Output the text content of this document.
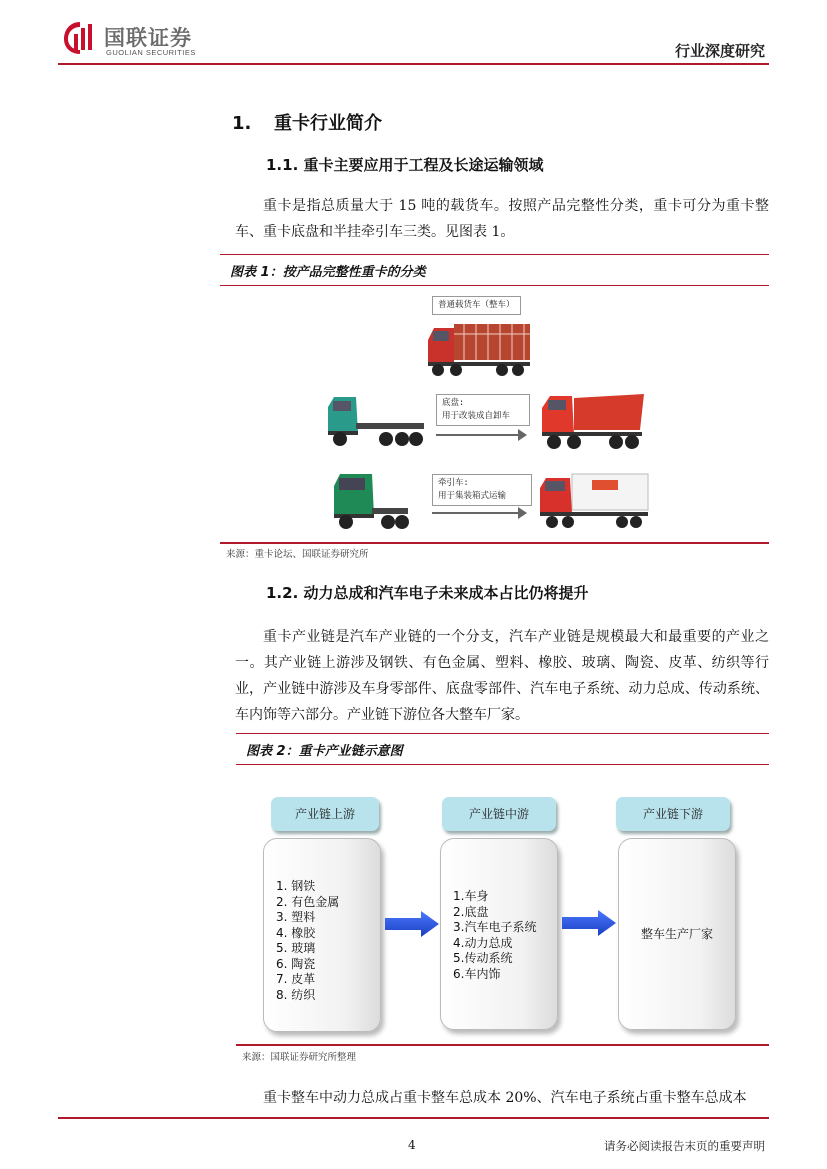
国联证券
GUOLIAN SECURITIES	行业深度研究
1. 重卡行业简介
1.1. 重卡主要应用于工程及长途运输领域
重卡是指总质量大于 15 吨的载货车。按照产品完整性分类，重卡可分为重卡整车、重卡底盘和半挂牵引车三类。见图表 1。
图表 1：按产品完整性重卡的分类
普通载货车（整车）
底盘:
用于改装成自卸车
牵引车:
用于集装箱式运输
来源：重卡论坛、国联证券研究所
1.2. 动力总成和汽车电子未来成本占比仍将提升
重卡产业链是汽车产业链的一个分支，汽车产业链是规模最大和最重要的产业之一。其产业链上游涉及钢铁、有色金属、塑料、橡胶、玻璃、陶瓷、皮革、纺织等行业，产业链中游涉及车身零部件、底盘零部件、汽车电子系统、动力总成、传动系统、车内饰等六部分。产业链下游位各大整车厂家。
图表 2：重卡产业链示意图
产业链上游
1. 钢铁
2. 有色金属
3. 塑料
4. 橡胶
5. 玻璃
6. 陶瓷
7. 皮革
8. 纺织
产业链中游
1.车身
2.底盘
3.汽车电子系统
4.动力总成
5.传动系统
6.车内饰
产业链下游
整车生产厂家
来源：国联证券研究所整理
重卡整车中动力总成占重卡整车总成本 20%、汽车电子系统占重卡整车总成本
4	请务必阅读报告末页的重要声明
